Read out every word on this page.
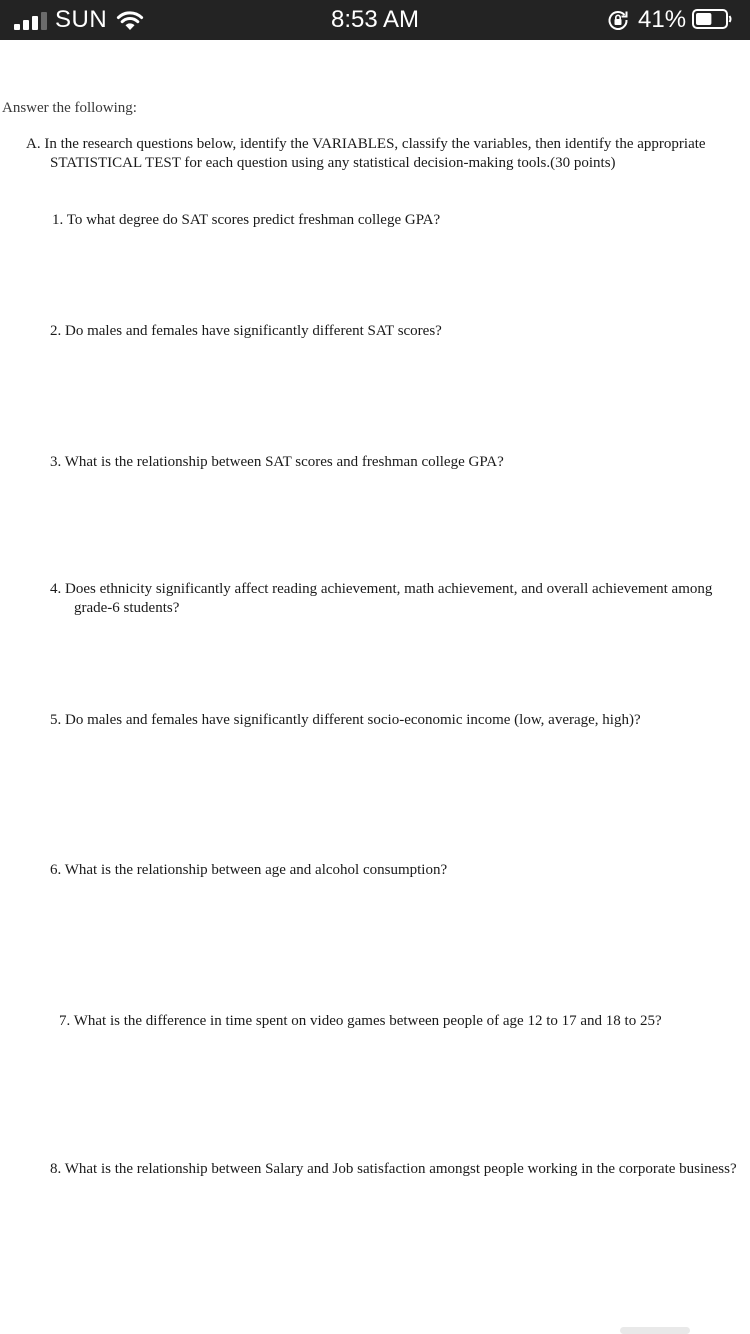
SUN	8:53 AM	41%

Answer the following:

A. In the research questions below, identify the VARIABLES, classify the variables, then identify the appropriate STATISTICAL TEST for each question using any statistical decision-making tools.(30 points)

1. To what degree do SAT scores predict freshman college GPA?

2. Do males and females have significantly different SAT scores?

3. What is the relationship between SAT scores and freshman college GPA?

4. Does ethnicity significantly affect reading achievement, math achievement, and overall achievement among grade-6 students?

5. Do males and females have significantly different socio-economic income (low, average, high)?

6. What is the relationship between age and alcohol consumption?

7. What is the difference in time spent on video games between people of age 12 to 17 and 18 to 25?

8. What is the relationship between Salary and Job satisfaction amongst people working in the corporate business?
